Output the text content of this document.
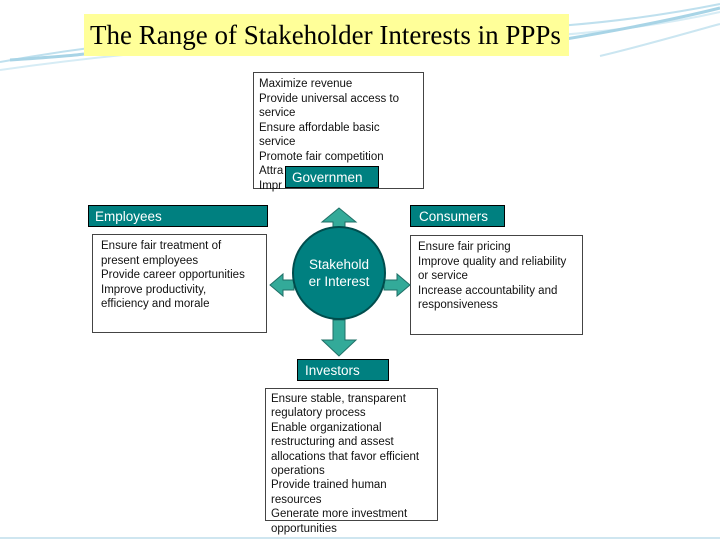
The Range of Stakeholder Interests in PPPs
Maximize revenue
Provide universal access to
service
Ensure affordable basic
service
Promote fair competition
Attra
Impr
Governmen
Employees
Ensure fair treatment of
present employees
Provide career opportunities
Improve productivity,
efficiency and morale
Consumers
Ensure fair pricing
Improve quality and reliability
or service
Increase accountability and
responsiveness
Investors
Ensure stable, transparent
regulatory process
Enable organizational
restructuring and assest
allocations that favor efficient
operations
Provide trained human
resources
Generate more investment
opportunities
Stakehold
er Interest
